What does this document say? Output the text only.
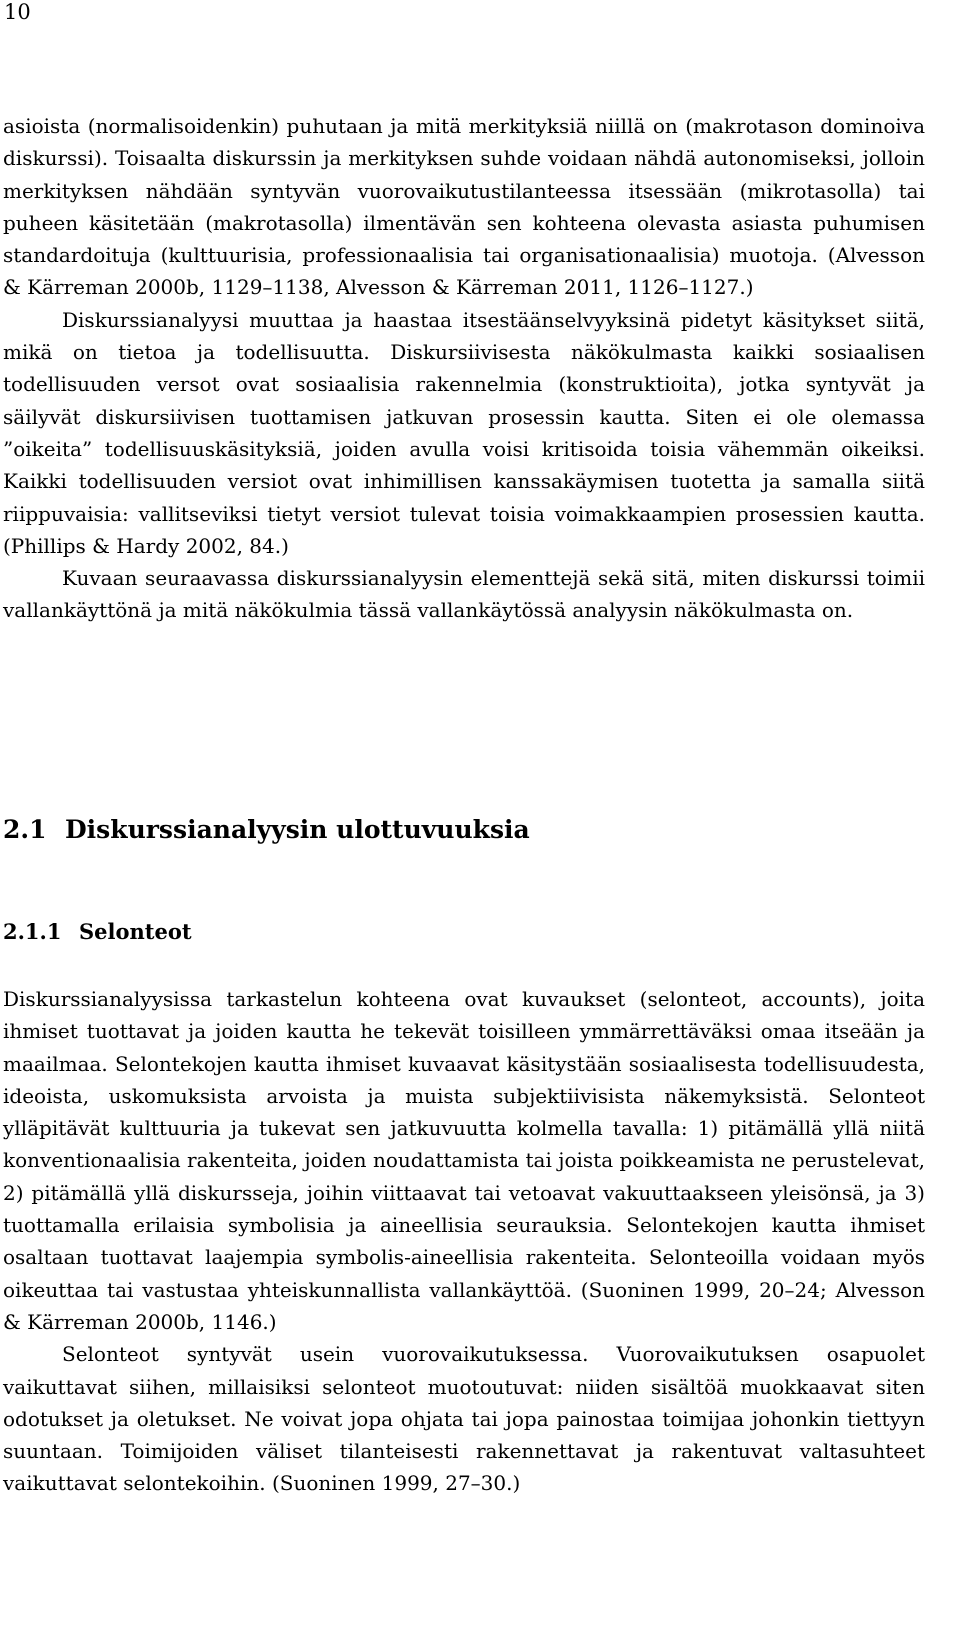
10

asioista (normalisoidenkin) puhutaan ja mitä merkityksiä niillä on (makrotason dominoiva diskurssi). Toisaalta diskurssin ja merkityksen suhde voidaan nähdä autonomiseksi, jolloin merkityksen nähdään syntyvän vuorovaikutustilanteessa itsessään (mikrotasolla) tai puheen käsitetään (makrotasolla) ilmentävän sen kohteena olevasta asiasta puhumisen standardoituja (kulttuurisia, professionaalisia tai organisationaalisia) muotoja. (Alvesson & Kärreman 2000b, 1129–1138, Alvesson & Kärreman 2011, 1126–1127.)

Diskurssianalyysi muuttaa ja haastaa itsestäänselvyyksinä pidetyt käsitykset siitä, mikä on tietoa ja todellisuutta. Diskursiivisesta näkökulmasta kaikki sosiaalisen todellisuuden versot ovat sosiaalisia rakennelmia (konstruktioita), jotka syntyvät ja säilyvät diskursiivisen tuottamisen jatkuvan prosessin kautta. Siten ei ole olemassa ”oikeita” todellisuuskäsityksiä, joiden avulla voisi kritisoida toisia vähemmän oikeiksi. Kaikki todellisuuden versiot ovat inhimillisen kanssakäymisen tuotetta ja samalla siitä riippuvaisia: vallitseviksi tietyt versiot tulevat toisia voimakkaampien prosessien kautta. (Phillips & Hardy 2002, 84.)

Kuvaan seuraavassa diskurssianalyysin elementtejä sekä sitä, miten diskurssi toimii vallankäyttönä ja mitä näkökulmia tässä vallankäytössä analyysin näkökulmasta on.

2.1 Diskurssianalyysin ulottuvuuksia
2.1.1 Selonteot

Diskurssianalyysissa tarkastelun kohteena ovat kuvaukset (selonteot, accounts), joita ihmiset tuottavat ja joiden kautta he tekevät toisilleen ymmärrettäväksi omaa itseään ja maailmaa. Selontekojen kautta ihmiset kuvaavat käsitystään sosiaalisesta todellisuudesta, ideoista, uskomuksista arvoista ja muista subjektiivisista näkemyksistä. Selonteot ylläpitävät kulttuuria ja tukevat sen jatkuvuutta kolmella tavalla: 1) pitämällä yllä niitä konventionaalisia rakenteita, joiden noudattamista tai joista poikkeamista ne perustelevat, 2) pitämällä yllä diskursseja, joihin viittaavat tai vetoavat vakuuttaakseen yleisönsä, ja 3) tuottamalla erilaisia symbolisia ja aineellisia seurauksia. Selontekojen kautta ihmiset osaltaan tuottavat laajempia symbolis-aineellisia rakenteita. Selonteoilla voidaan myös oikeuttaa tai vastustaa yhteiskunnallista vallankäyttöä. (Suoninen 1999, 20–24; Alvesson & Kärreman 2000b, 1146.)

Selonteot syntyvät usein vuorovaikutuksessa. Vuorovaikutuksen osapuolet vaikuttavat siihen, millaisiksi selonteot muotoutuvat: niiden sisältöä muokkaavat siten odotukset ja oletukset. Ne voivat jopa ohjata tai jopa painostaa toimijaa johonkin tiettyyn suuntaan. Toimijoiden väliset tilanteisesti rakennettavat ja rakentuvat valtasuhteet vaikuttavat selontekoihin. (Suoninen 1999, 27–30.)
